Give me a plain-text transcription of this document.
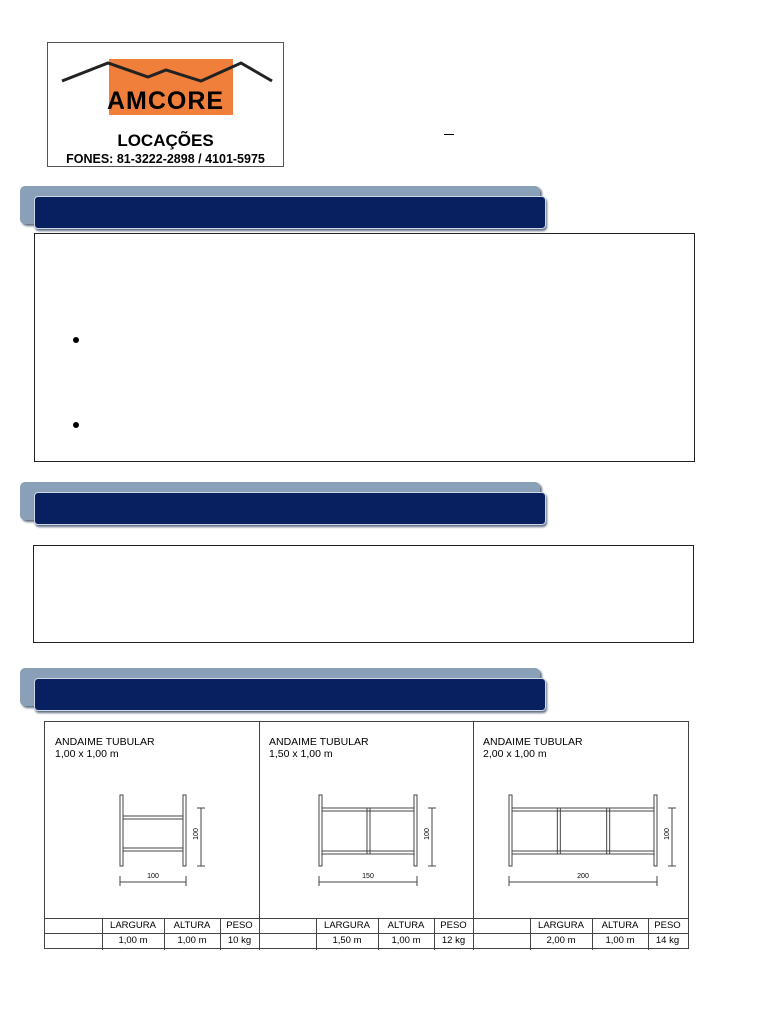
AMCORE
LOCAÇÕES
FONES: 81-3222-2898 / 4101-5975
ANDAIME TUBULAR
1,00 x 1,00 m
100
100
LARGURA
1,00 m
ALTURA
1,00 m
PESO
10 kg
ANDAIME TUBULAR
1,50 x 1,00 m
150
100
LARGURA
1,50 m
ALTURA
1,00 m
PESO
12 kg
ANDAIME TUBULAR
2,00 x 1,00 m
200
100
LARGURA
2,00 m
ALTURA
1,00 m
PESO
14 kg
